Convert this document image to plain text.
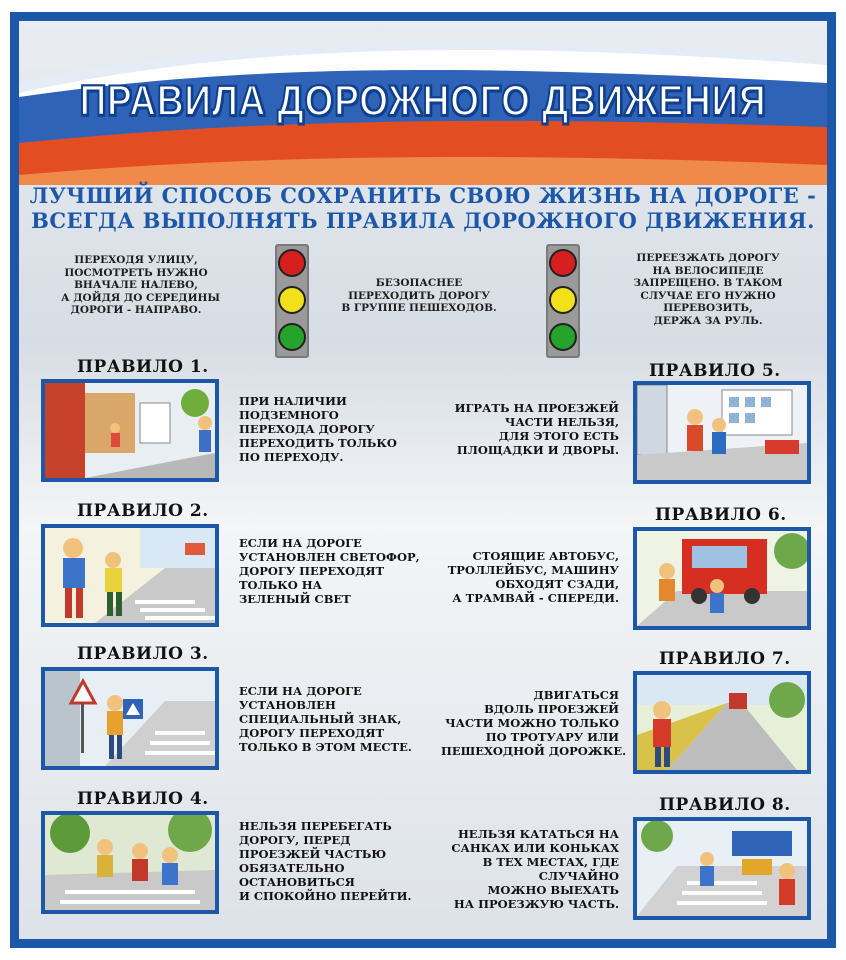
ПРАВИЛА ДОРОЖНОГО ДВИЖЕНИЯ
ЛУЧШИЙ СПОСОБ СОХРАНИТЬ СВОЮ ЖИЗНЬ НА ДОРОГЕ -
ВСЕГДА ВЫПОЛНЯТЬ ПРАВИЛА ДОРОЖНОГО ДВИЖЕНИЯ.
ПЕРЕХОДЯ УЛИЦУ,
ПОСМОТРЕТЬ НУЖНО
ВНАЧАЛЕ НАЛЕВО,
А ДОЙДЯ ДО СЕРЕДИНЫ
ДОРОГИ - НАПРАВО.
БЕЗОПАСНЕЕ
ПЕРЕХОДИТЬ ДОРОГУ
В ГРУППЕ ПЕШЕХОДОВ.
ПЕРЕЕЗЖАТЬ ДОРОГУ
НА ВЕЛОСИПЕДЕ
ЗАПРЕЩЕНО. В ТАКОМ
СЛУЧАЕ ЕГО НУЖНО
ПЕРЕВОЗИТЬ,
ДЕРЖА ЗА РУЛЬ.
ПРАВИЛО 1.
ПРИ НАЛИЧИИ
ПОДЗЕМНОГО
ПЕРЕХОДА ДОРОГУ
ПЕРЕХОДИТЬ ТОЛЬКО
ПО ПЕРЕХОДУ.
ПРАВИЛО 2.
ЕСЛИ НА ДОРОГЕ
УСТАНОВЛЕН СВЕТОФОР,
ДОРОГУ ПЕРЕХОДЯТ
ТОЛЬКО НА
ЗЕЛЕНЫЙ СВЕТ
ПРАВИЛО 3.
ЕСЛИ НА ДОРОГЕ
УСТАНОВЛЕН
СПЕЦИАЛЬНЫЙ ЗНАК,
ДОРОГУ ПЕРЕХОДЯТ
ТОЛЬКО В ЭТОМ МЕСТЕ.
ПРАВИЛО 4.
НЕЛЬЗЯ ПЕРЕБЕГАТЬ
ДОРОГУ, ПЕРЕД
ПРОЕЗЖЕЙ ЧАСТЬЮ
ОБЯЗАТЕЛЬНО
ОСТАНОВИТЬСЯ
И СПОКОЙНО ПЕРЕЙТИ.
ПРАВИЛО 5.
ИГРАТЬ НА ПРОЕЗЖЕЙ
ЧАСТИ НЕЛЬЗЯ,
ДЛЯ ЭТОГО ЕСТЬ
ПЛОЩАДКИ И ДВОРЫ.
ПРАВИЛО 6.
СТОЯЩИЕ АВТОБУС,
ТРОЛЛЕЙБУС, МАШИНУ
ОБХОДЯТ СЗАДИ,
А ТРАМВАЙ - СПЕРЕДИ.
ПРАВИЛО 7.
ДВИГАТЬСЯ
ВДОЛЬ ПРОЕЗЖЕЙ
ЧАСТИ МОЖНО ТОЛЬКО
ПО ТРОТУАРУ ИЛИ
ПЕШЕХОДНОЙ ДОРОЖКЕ.
ПРАВИЛО 8.
НЕЛЬЗЯ КАТАТЬСЯ НА
САНКАХ ИЛИ КОНЬКАХ
В ТЕХ МЕСТАХ, ГДЕ
СЛУЧАЙНО
МОЖНО ВЫЕХАТЬ
НА ПРОЕЗЖУЮ ЧАСТЬ.
